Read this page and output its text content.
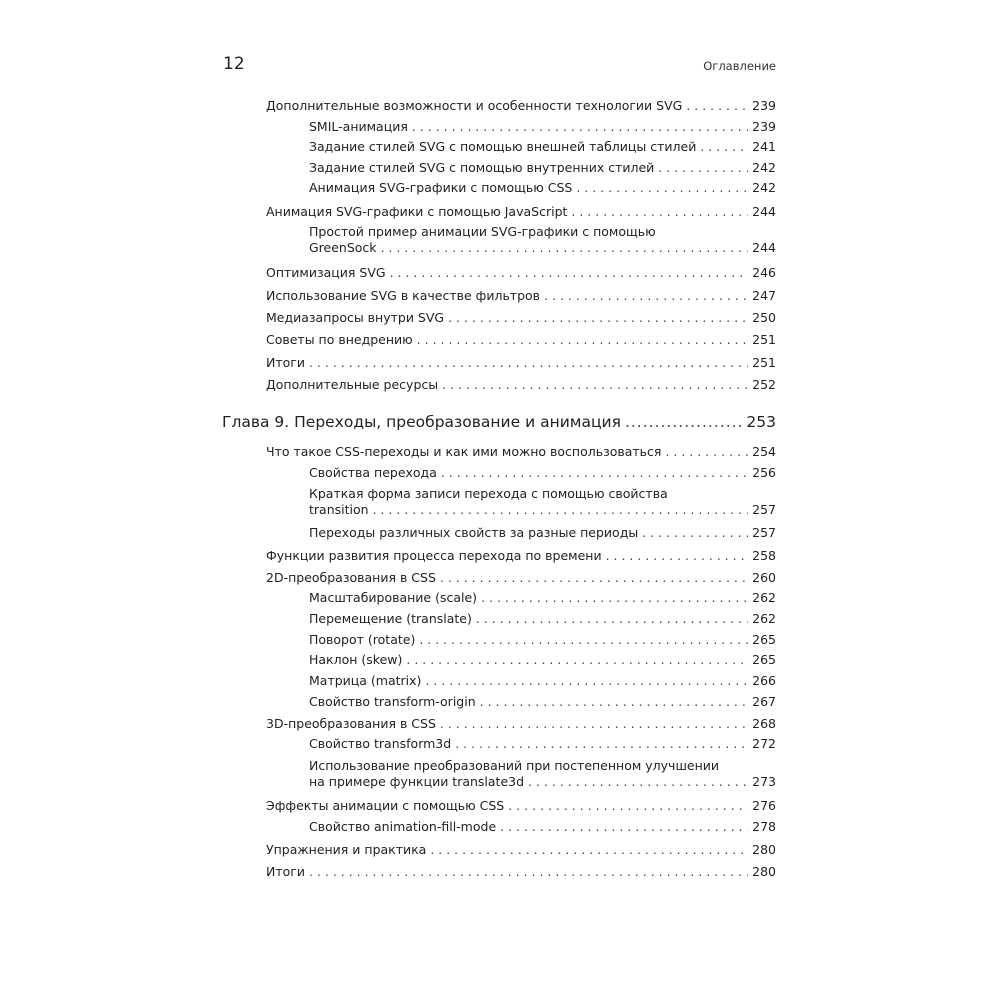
12	Оглавление
Дополнительные возможности и особенности технологии SVG . . .	239
SMIL-анимация . . .	239
Задание стилей SVG с помощью внешней таблицы стилей . . .	241
Задание стилей SVG с помощью внутренних стилей . . .	242
Анимация SVG-графики с помощью CSS . . .	242
Анимация SVG-графики с помощью JavaScript . . .	244
Простой пример анимации SVG-графики с помощью
GreenSock . . .	244
Оптимизация SVG . . .	246
Использование SVG в качестве фильтров . . .	247
Медиазапросы внутри SVG . . .	250
Советы по внедрению . . .	251
Итоги . . .	251
Дополнительные ресурсы . . .	252
Глава 9. Переходы, преобразование и анимация .....	253
Что такое CSS-переходы и как ими можно воспользоваться . . .	254
Свойства перехода . . .	256
Краткая форма записи перехода с помощью свойства
transition . . .	257
Переходы различных свойств за разные периоды . . .	257
Функции развития процесса перехода по времени . . .	258
2D-преобразования в CSS . . .	260
Масштабирование (scale) . . .	262
Перемещение (translate) . . .	262
Поворот (rotate) . . .	265
Наклон (skew) . . .	265
Матрица (matrix) . . .	266
Свойство transform-origin . . .	267
3D-преобразования в CSS . . .	268
Свойство transform3d . . .	272
Использование преобразований при постепенном улучшении
на примере функции translate3d . . .	273
Эффекты анимации с помощью CSS . . .	276
Свойство animation-fill-mode . . .	278
Упражнения и практика . . .	280
Итоги . . .	280
